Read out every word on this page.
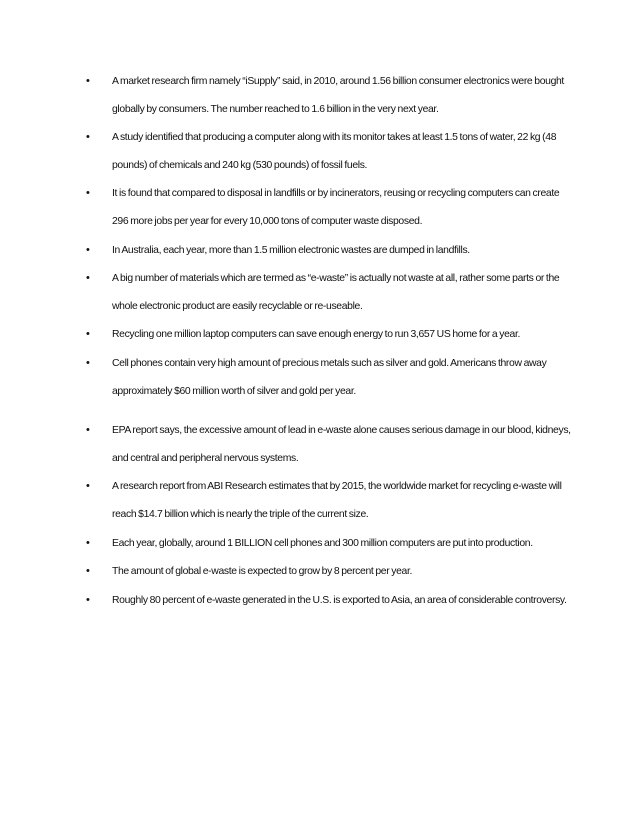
• A market research firm namely “iSupply” said, in 2010, around 1.56 billion consumer electronics were bought globally by consumers. The number reached to 1.6 billion in the very next year.
• A study identified that producing a computer along with its monitor takes at least 1.5 tons of water, 22 kg (48 pounds) of chemicals and 240 kg (530 pounds) of fossil fuels.
• It is found that compared to disposal in landfills or by incinerators, reusing or recycling computers can create 296 more jobs per year for every 10,000 tons of computer waste disposed.
• In Australia, each year, more than 1.5 million electronic wastes are dumped in landfills.
• A big number of materials which are termed as “e-waste” is actually not waste at all, rather some parts or the whole electronic product are easily recyclable or re-useable.
• Recycling one million laptop computers can save enough energy to run 3,657 US home for a year.
• Cell phones contain very high amount of precious metals such as silver and gold. Americans throw away approximately $60 million worth of silver and gold per year.
• EPA report says, the excessive amount of lead in e-waste alone causes serious damage in our blood, kidneys, and central and peripheral nervous systems.
• A research report from ABI Research estimates that by 2015, the worldwide market for recycling e-waste will reach $14.7 billion which is nearly the triple of the current size.
• Each year, globally, around 1 BILLION cell phones and 300 million computers are put into production.
• The amount of global e-waste is expected to grow by 8 percent per year.
• Roughly 80 percent of e-waste generated in the U.S. is exported to Asia, an area of considerable controversy.
